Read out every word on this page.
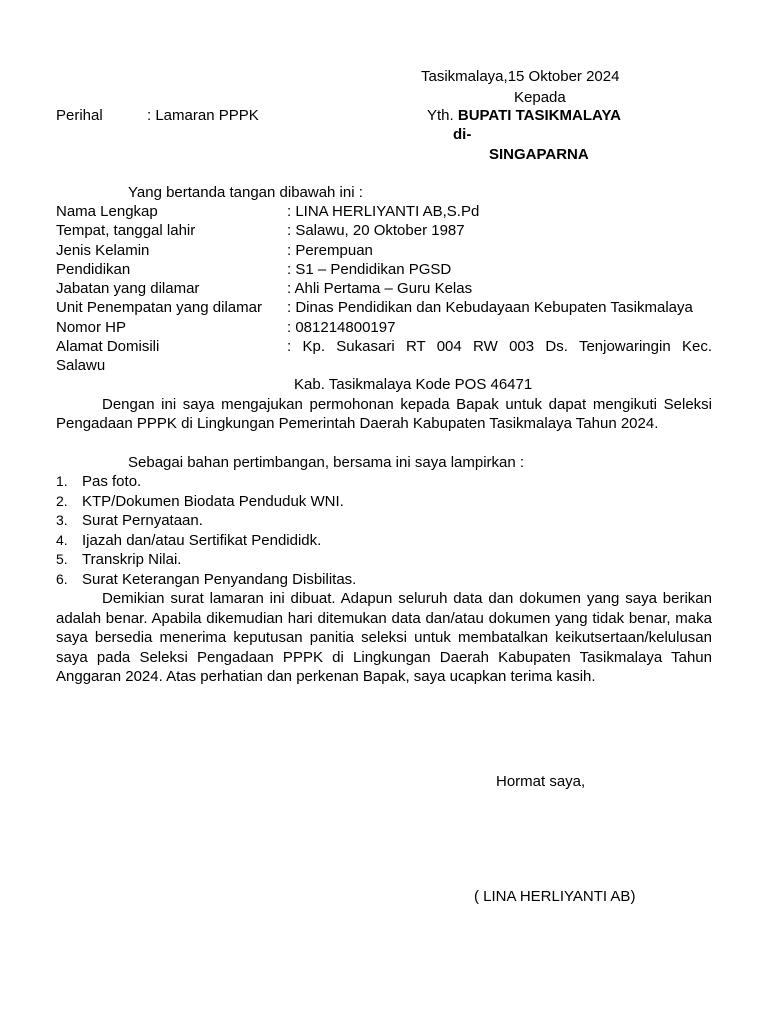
Tasikmalaya,15 Oktober 2024
Kepada
Perihal	: Lamaran PPPK	Yth. BUPATI TASIKMALAYA
di-
SINGAPARNA
Yang bertanda tangan dibawah ini :
Nama Lengkap	: LINA HERLIYANTI AB,S.Pd
Tempat, tanggal lahir	: Salawu, 20 Oktober 1987
Jenis Kelamin	: Perempuan
Pendidikan	: S1 – Pendidikan PGSD
Jabatan yang dilamar	: Ahli Pertama – Guru Kelas
Unit Penempatan yang dilamar : Dinas Pendidikan dan Kebudayaan Kebupaten Tasikmalaya
Nomor HP	: 081214800197
Alamat Domisili	: Kp. Sukasari RT 004 RW 003 Ds. Tenjowaringin Kec.
Salawu
Kab. Tasikmalaya Kode POS 46471

Dengan ini saya mengajukan permohonan kepada Bapak untuk dapat mengikuti Seleksi Pengadaan PPPK di Lingkungan Pemerintah Daerah Kabupaten Tasikmalaya Tahun 2024.

Sebagai bahan pertimbangan, bersama ini saya lampirkan :
1. Pas foto.
2. KTP/Dokumen Biodata Penduduk WNI.
3. Surat Pernyataan.
4. Ijazah dan/atau Sertifikat Pendididk.
5. Transkrip Nilai.
6. Surat Keterangan Penyandang Disbilitas.

Demikian surat lamaran ini dibuat. Adapun seluruh data dan dokumen yang saya berikan adalah benar. Apabila dikemudian hari ditemukan data dan/atau dokumen yang tidak benar, maka saya bersedia menerima keputusan panitia seleksi untuk membatalkan keikutsertaan/kelulusan saya pada Seleksi Pengadaan PPPK di Lingkungan Daerah Kabupaten Tasikmalaya Tahun Anggaran 2024. Atas perhatian dan perkenan Bapak, saya ucapkan terima kasih.

Hormat saya,
( LINA HERLIYANTI AB)
